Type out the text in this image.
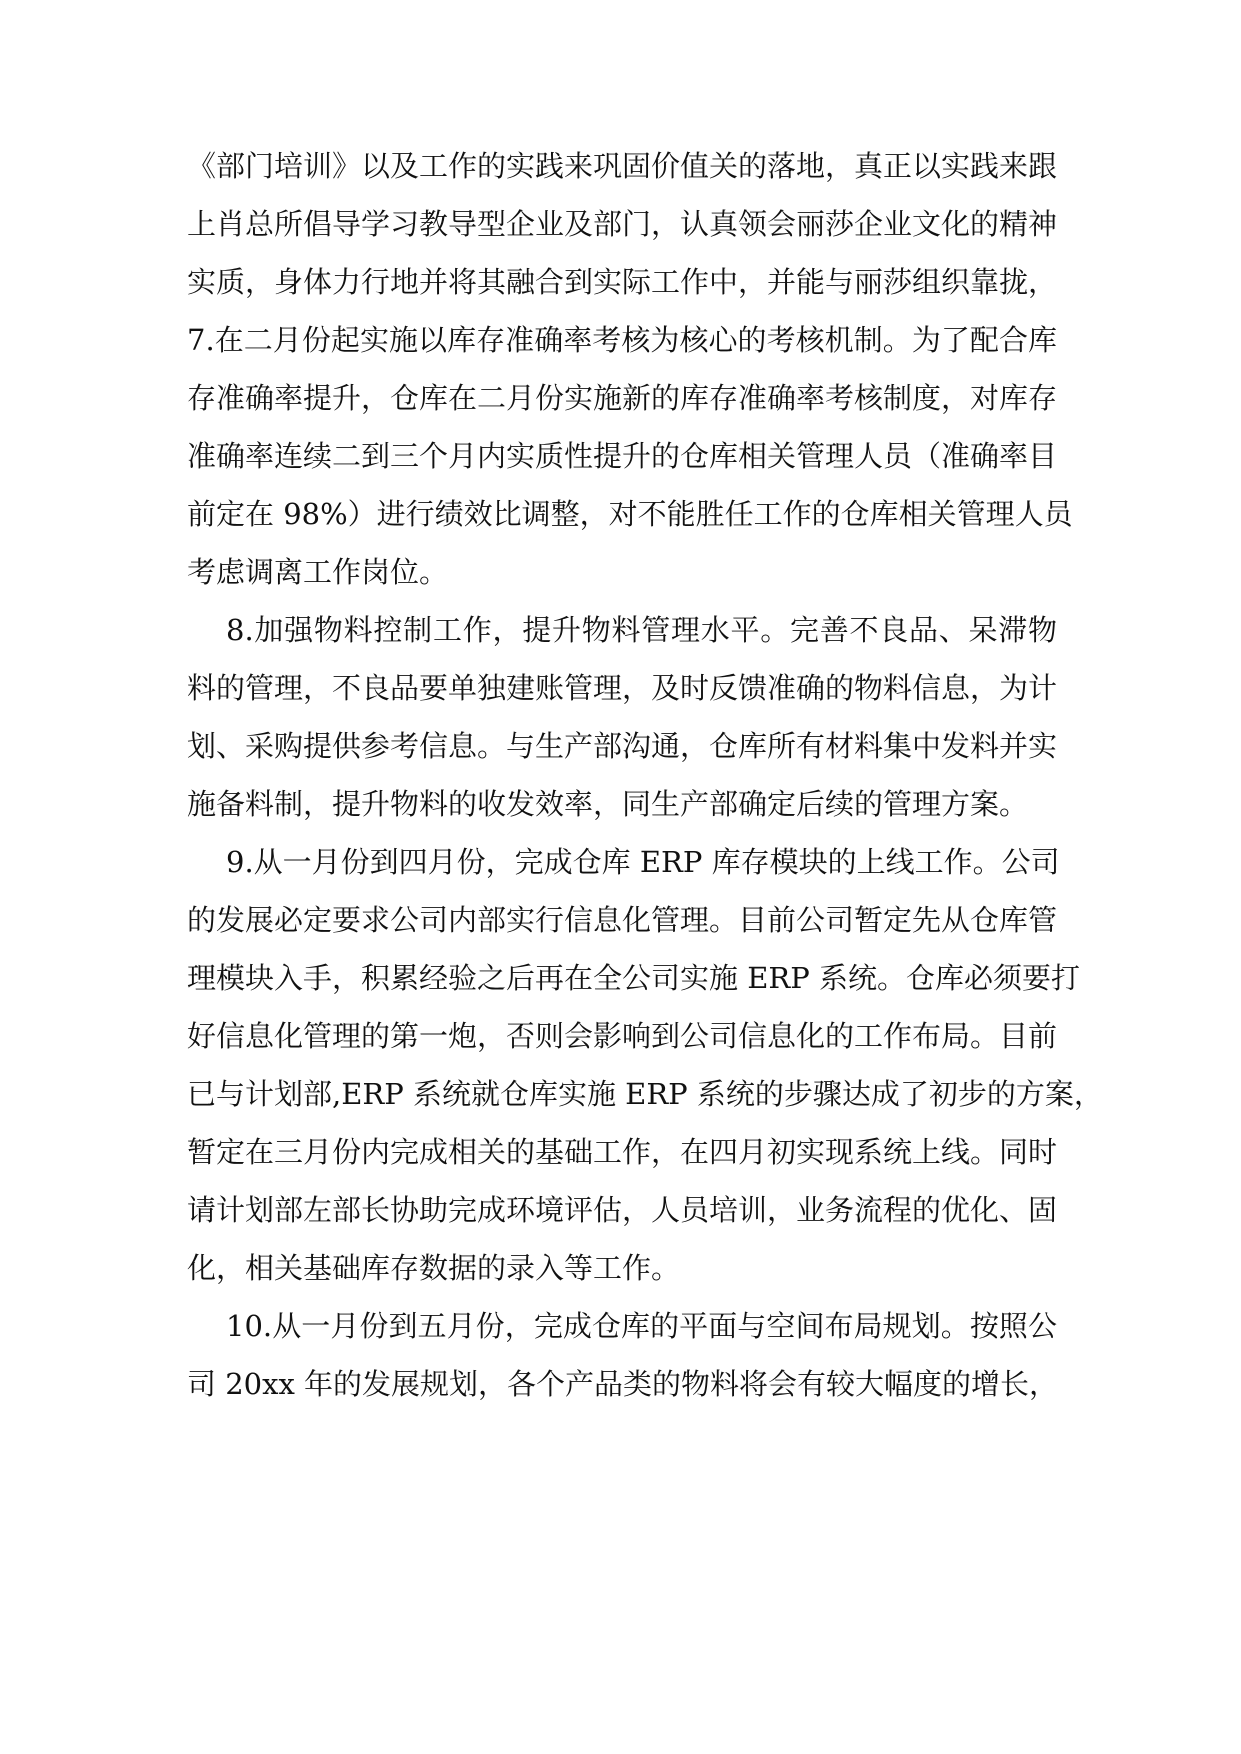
《部门培训》以及工作的实践来巩固价值关的落地，真正以实践来跟
上肖总所倡导学习教导型企业及部门，认真领会丽莎企业文化的精神
实质，身体力行地并将其融合到实际工作中，并能与丽莎组织靠拢，
7.在二月份起实施以库存准确率考核为核心的考核机制。为了配合库
存准确率提升，仓库在二月份实施新的库存准确率考核制度，对库存
准确率连续二到三个月内实质性提升的仓库相关管理人员（准确率目
前定在 98%）进行绩效比调整，对不能胜任工作的仓库相关管理人员
考虑调离工作岗位。
8.加强物料控制工作，提升物料管理水平。完善不良品、呆滞物
料的管理，不良品要单独建账管理，及时反馈准确的物料信息，为计
划、采购提供参考信息。与生产部沟通，仓库所有材料集中发料并实
施备料制，提升物料的收发效率，同生产部确定后续的管理方案。
9.从一月份到四月份，完成仓库 ERP 库存模块的上线工作。公司
的发展必定要求公司内部实行信息化管理。目前公司暂定先从仓库管
理模块入手，积累经验之后再在全公司实施 ERP 系统。仓库必须要打
好信息化管理的第一炮，否则会影响到公司信息化的工作布局。目前
已与计划部,ERP 系统就仓库实施 ERP 系统的步骤达成了初步的方案，
暂定在三月份内完成相关的基础工作，在四月初实现系统上线。同时
请计划部左部长协助完成环境评估，人员培训，业务流程的优化、固
化，相关基础库存数据的录入等工作。
10.从一月份到五月份，完成仓库的平面与空间布局规划。按照公
司 20xx 年的发展规划，各个产品类的物料将会有较大幅度的增长，
